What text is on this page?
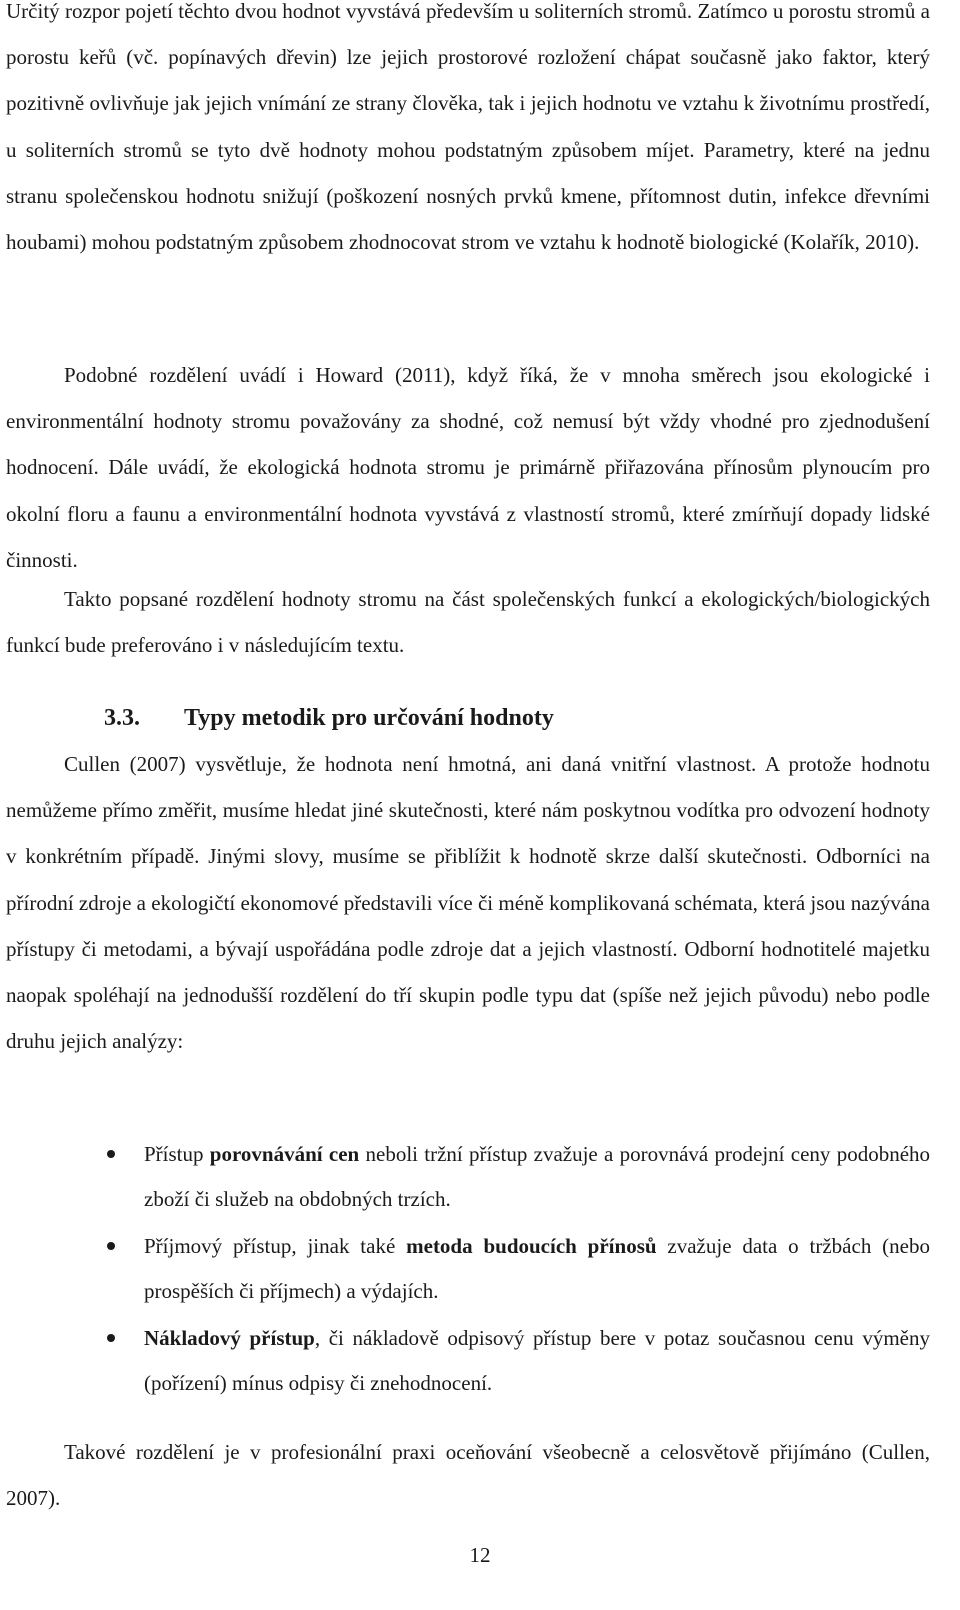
Určitý rozpor pojetí těchto dvou hodnot vyvstává především u soliterních stromů. Zatímco u porostu stromů a porostu keřů (vč. popínavých dřevin) lze jejich prostorové rozložení chápat současně jako faktor, který pozitivně ovlivňuje jak jejich vnímání ze strany člověka, tak i jejich hodnotu ve vztahu k životnímu prostředí, u soliterních stromů se tyto dvě hodnoty mohou podstatným způsobem míjet. Parametry, které na jednu stranu společenskou hodnotu snižují (poškození nosných prvků kmene, přítomnost dutin, infekce dřevními houbami) mohou podstatným způsobem zhodnocovat strom ve vztahu k hodnotě biologické (Kolařík, 2010).

Podobné rozdělení uvádí i Howard (2011), když říká, že v mnoha směrech jsou ekologické i environmentální hodnoty stromu považovány za shodné, což nemusí být vždy vhodné pro zjednodušení hodnocení. Dále uvádí, že ekologická hodnota stromu je primárně přiřazována přínosům plynoucím pro okolní floru a faunu a environmentální hodnota vyvstává z vlastností stromů, které zmírňují dopady lidské činnosti.

Takto popsané rozdělení hodnoty stromu na část společenských funkcí a ekologických/biologických funkcí bude preferováno i v následujícím textu.

3.3. Typy metodik pro určování hodnoty

Cullen (2007) vysvětluje, že hodnota není hmotná, ani daná vnitřní vlastnost. A protože hodnotu nemůžeme přímo změřit, musíme hledat jiné skutečnosti, které nám poskytnou vodítka pro odvození hodnoty v konkrétním případě. Jinými slovy, musíme se přiblížit k hodnotě skrze další skutečnosti. Odborníci na přírodní zdroje a ekologičtí ekonomové představili více či méně komplikovaná schémata, která jsou nazývána přístupy či metodami, a bývají uspořádána podle zdroje dat a jejich vlastností. Odborní hodnotitelé majetku naopak spoléhají na jednodušší rozdělení do tří skupin podle typu dat (spíše než jejich původu) nebo podle druhu jejich analýzy:

Přístup porovnávání cen neboli tržní přístup zvažuje a porovnává prodejní ceny podobného zboží či služeb na obdobných trzích.
Příjmový přístup, jinak také metoda budoucích přínosů zvažuje data o tržbách (nebo prospěších či příjmech) a výdajích.
Nákladový přístup, či nákladově odpisový přístup bere v potaz současnou cenu výměny (pořízení) mínus odpisy či znehodnocení.

Takové rozdělení je v profesionální praxi oceňování všeobecně a celosvětově přijímáno (Cullen, 2007).

12
